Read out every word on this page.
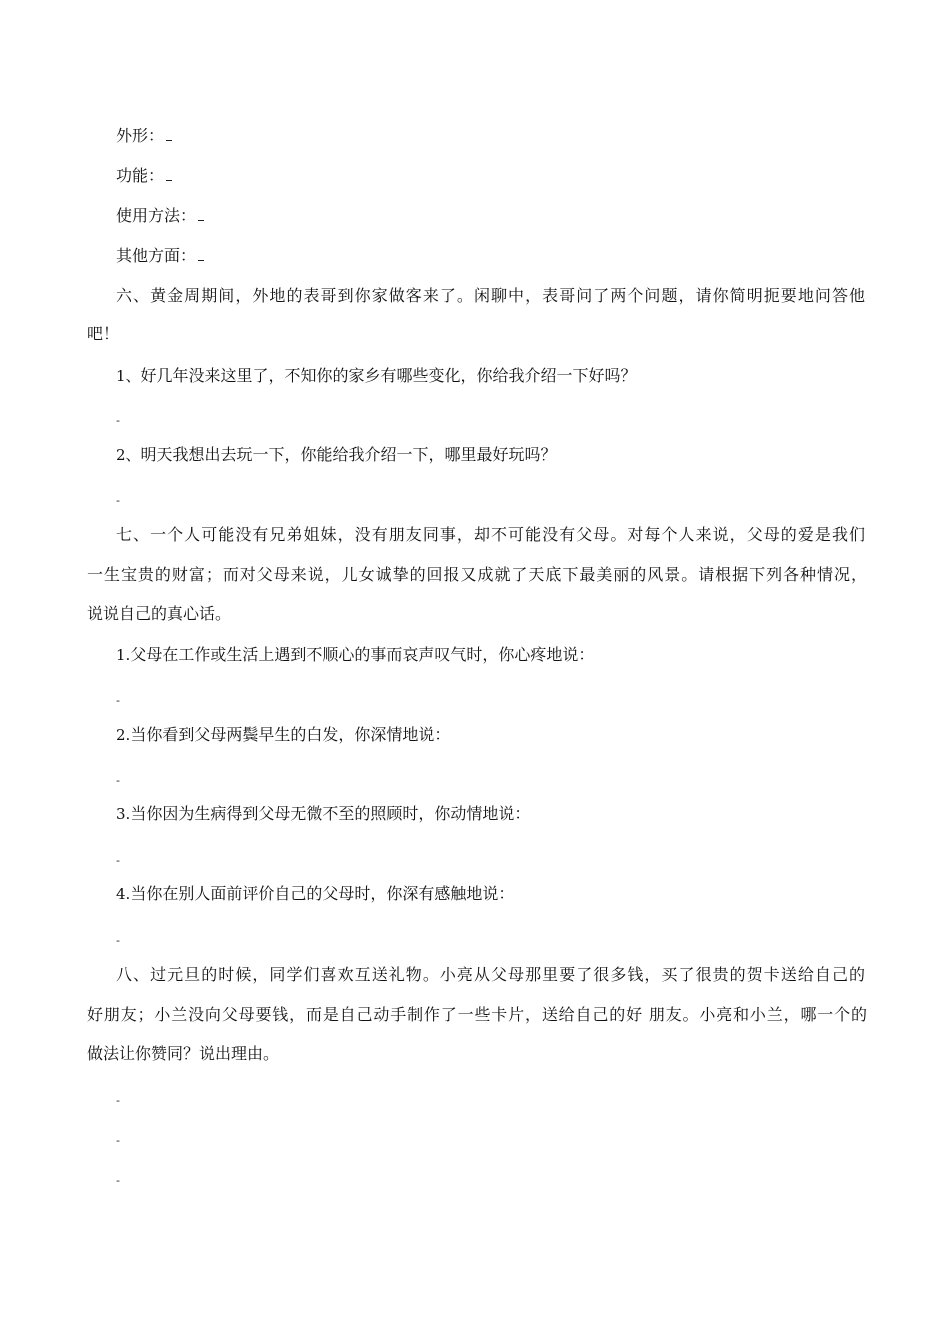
外形：
功能：
使用方法：
其他方面：
六、黄金周期间，外地的表哥到你家做客来了。闲聊中，表哥问了两个问题，请你简明扼要地问答他
吧！
1、好几年没来这里了，不知你的家乡有哪些变化，你给我介绍一下好吗？
-
2、明天我想出去玩一下，你能给我介绍一下，哪里最好玩吗？
-
七、一个人可能没有兄弟姐妹，没有朋友同事，却不可能没有父母。对每个人来说，父母的爱是我们
一生宝贵的财富；而对父母来说，儿女诚挚的回报又成就了天底下最美丽的风景。请根据下列各种情况，
说说自己的真心话。
1.父母在工作或生活上遇到不顺心的事而哀声叹气时，你心疼地说：
-
2.当你看到父母两鬓早生的白发，你深情地说：
-
3.当你因为生病得到父母无微不至的照顾时，你动情地说：
-
4.当你在别人面前评价自己的父母时，你深有感触地说：
-
八、过元旦的时候，同学们喜欢互送礼物。小亮从父母那里要了很多钱，买了很贵的贺卡送给自己的
好朋友；小兰没向父母要钱，而是自己动手制作了一些卡片，送给自己的好 朋友。小亮和小兰，哪一个的
做法让你赞同？说出理由。
-
-
-
